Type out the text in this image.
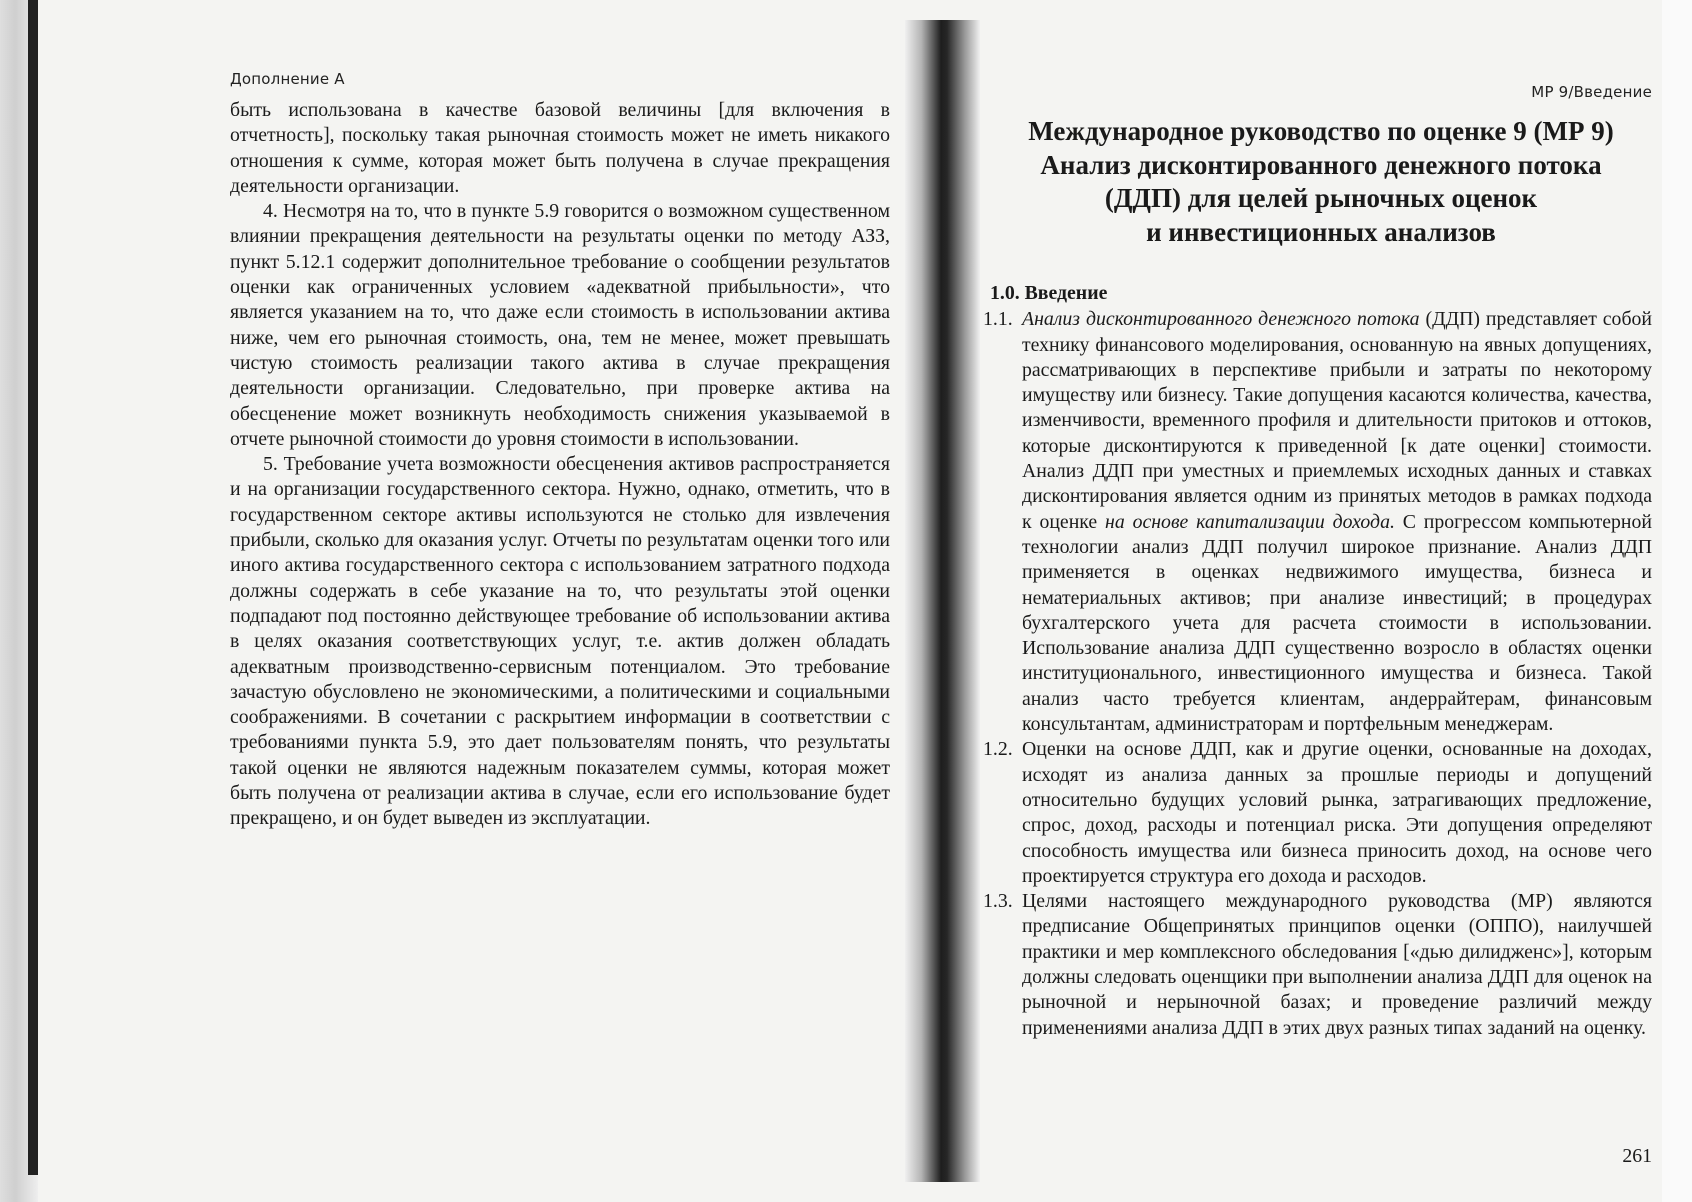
Дополнение А

быть использована в качестве базовой величины [для включения в отчетность], поскольку такая рыночная стоимость может не иметь никакого отношения к сумме, которая может быть получена в случае прекращения деятельности организации.

4. Несмотря на то, что в пункте 5.9 говорится о возможном существенном влиянии прекращения деятельности на результаты оценки по методу АЗЗ, пункт 5.12.1 содержит дополнительное требование о сообщении результатов оценки как ограниченных условием «адекватной прибыльности», что является указанием на то, что даже если стоимость в использовании актива ниже, чем его рыночная стоимость, она, тем не менее, может превышать чистую стоимость реализации такого актива в случае прекращения деятельности организации. Следовательно, при проверке актива на обесценение может возникнуть необходимость снижения указываемой в отчете рыночной стоимости до уровня стоимости в использовании.

5. Требование учета возможности обесценения активов распространяется и на организации государственного сектора. Нужно, однако, отметить, что в государственном секторе активы используются не столько для извлечения прибыли, сколько для оказания услуг. Отчеты по результатам оценки того или иного актива государственного сектора с использованием затратного подхода должны содержать в себе указание на то, что результаты этой оценки подпадают под постоянно действующее требование об использовании актива в целях оказания соответствующих услуг, т.е. актив должен обладать адекватным производственно-сервисным потенциалом. Это требование зачастую обусловлено не экономическими, а политическими и социальными соображениями. В сочетании с раскрытием информации в соответствии с требованиями пункта 5.9, это дает пользователям понять, что результаты такой оценки не являются надежным показателем суммы, которая может быть получена от реализации актива в случае, если его использование будет прекращено, и он будет выведен из эксплуатации.

МР 9/Введение
Международное руководство по оценке 9 (МР 9)
Анализ дисконтированного денежного потока
(ДДП) для целей рыночных оценок
и инвестиционных анализов
1.0. Введение

1.1. Анализ дисконтированного денежного потока (ДДП) представляет собой технику финансового моделирования, основанную на явных допущениях, рассматривающих в перспективе прибыли и затраты по некоторому имуществу или бизнесу. Такие допущения касаются количества, качества, изменчивости, временного профиля и длительности притоков и оттоков, которые дисконтируются к приведенной [к дате оценки] стоимости. Анализ ДДП при уместных и приемлемых исходных данных и ставках дисконтирования является одним из принятых методов в рамках подхода к оценке на основе капитализации дохода. С прогрессом компьютерной технологии анализ ДДП получил широкое признание. Анализ ДДП применяется в оценках недвижимого имущества, бизнеса и нематериальных активов; при анализе инвестиций; в процедурах бухгалтерского учета для расчета стоимости в использовании. Использование анализа ДДП существенно возросло в областях оценки институционального, инвестиционного имущества и бизнеса. Такой анализ часто требуется клиентам, андеррайтерам, финансовым консультантам, администраторам и портфельным менеджерам.

1.2. Оценки на основе ДДП, как и другие оценки, основанные на доходах, исходят из анализа данных за прошлые периоды и допущений относительно будущих условий рынка, затрагивающих предложение, спрос, доход, расходы и потенциал риска. Эти допущения определяют способность имущества или бизнеса приносить доход, на основе чего проектируется структура его дохода и расходов.

1.3. Целями настоящего международного руководства (МР) являются предписание Общепринятых принципов оценки (ОППО), наилучшей практики и мер комплексного обследования [«дью дилидженс»], которым должны следовать оценщики при выполнении анализа ДДП для оценок на рыночной и нерыночной базах; и проведение различий между применениями анализа ДДП в этих двух разных типах заданий на оценку.

261
